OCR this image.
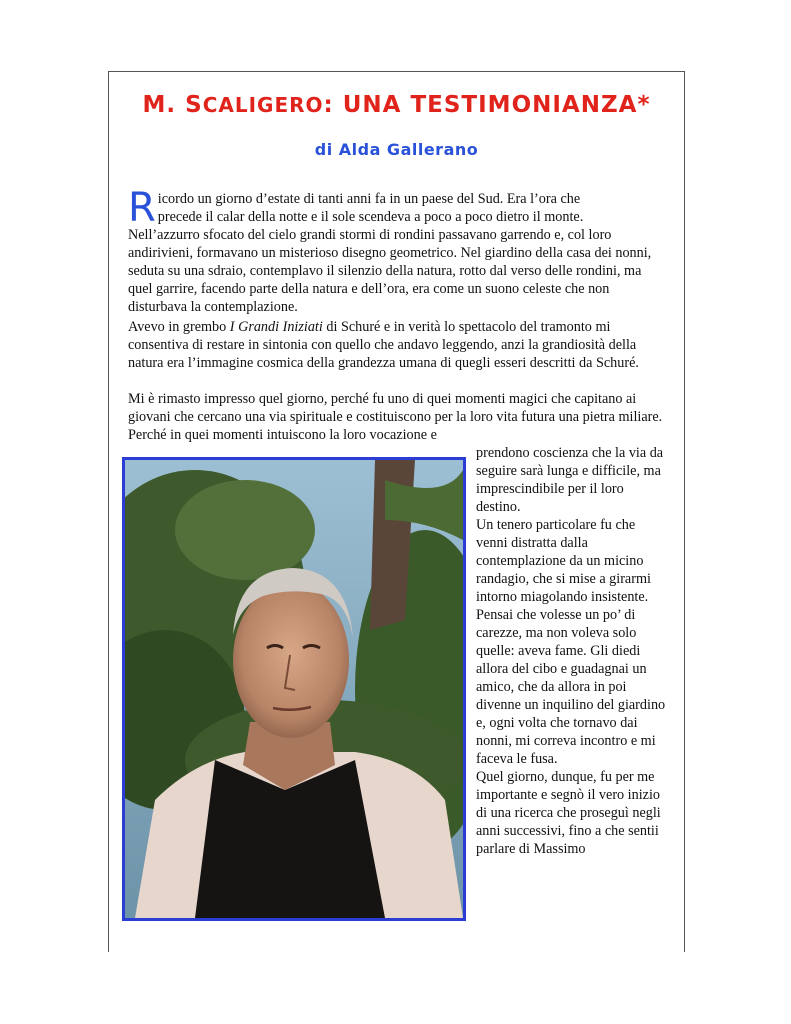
M. SCALIGERO: UNA TESTIMONIANZA*
di Alda Gallerano
Ricordo un giorno d’estate di tanti anni fa in un paese del Sud. Era l’ora che
precede il calar della notte e il sole scendeva a poco a poco dietro il monte.
Nell’azzurro sfocato del cielo grandi stormi di rondini passavano garrendo e, col loro andirivieni, formavano un misterioso disegno geometrico. Nel giardino della casa dei nonni, seduta su una sdraio, contemplavo il silenzio della natura, rotto dal verso delle rondini, ma quel garrire, facendo parte della natura e dell’ora, era come un suono celeste che non disturbava la contemplazione.
Avevo in grembo I Grandi Iniziati di Schuré e in verità lo spettacolo del tramonto mi consentiva di restare in sintonia con quello che andavo leggendo, anzi la grandiosità della natura era l’immagine cosmica della grandezza umana di quegli esseri descritti da Schuré.
Mi è rimasto impresso quel giorno, perché fu uno di quei momenti magici che capitano ai giovani che cercano una via spirituale e costituiscono per la loro vita futura una pietra miliare. Perché in quei momenti intuiscono la loro vocazione e

prendono coscienza che la via da seguire sarà lunga e difficile, ma imprescindibile per il loro destino.

Un tenero particolare fu che venni distratta dalla contemplazione da un micino randagio, che si mise a girarmi intorno miagolando insistente. Pensai che volesse un po’ di carezze, ma non voleva solo quelle: aveva fame. Gli diedi allora del cibo e guadagnai un amico, che da allora in poi divenne un inquilino del giardino e, ogni volta che tornavo dai nonni, mi correva incontro e mi faceva le fusa.

Quel giorno, dunque, fu per me importante e segnò il vero inizio di una ricerca che proseguì negli anni successivi, fino a che sentii parlare di Massimo
